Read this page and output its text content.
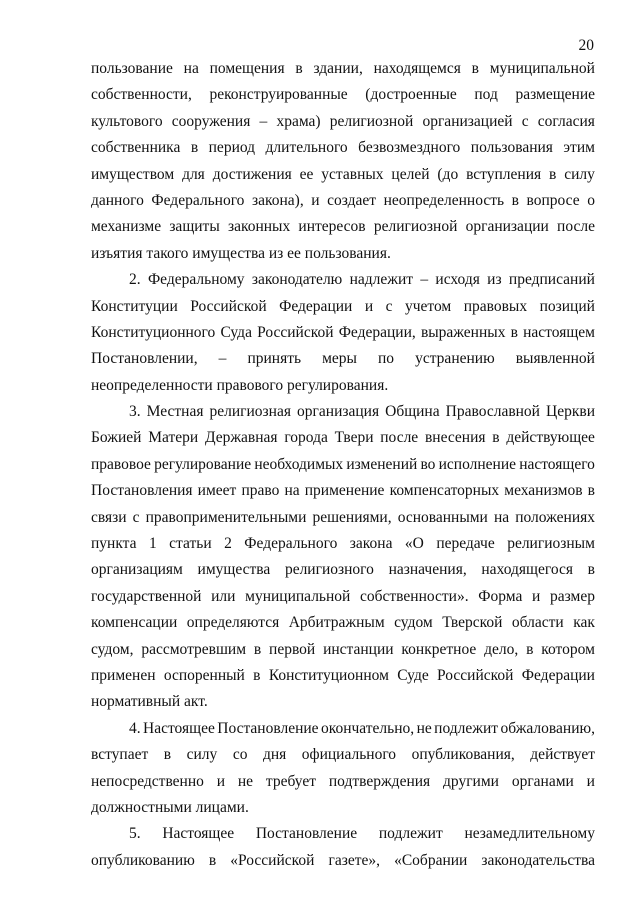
20
пользование на помещения в здании, находящемся в муниципальной
собственности, реконструированные (достроенные под размещение
культового сооружения – храма) религиозной организацией с согласия
собственника в период длительного безвозмездного пользования этим
имуществом для достижения ее уставных целей (до вступления в силу
данного Федерального закона), и создает неопределенность в вопросе о
механизме защиты законных интересов религиозной организации после
изъятия такого имущества из ее пользования.
2. Федеральному законодателю надлежит – исходя из предписаний
Конституции Российской Федерации и с учетом правовых позиций
Конституционного Суда Российской Федерации, выраженных в настоящем
Постановлении, – принять меры по устранению выявленной
неопределенности правового регулирования.
3. Местная религиозная организация Община Православной Церкви
Божией Матери Державная города Твери после внесения в действующее
правовое регулирование необходимых изменений во исполнение настоящего
Постановления имеет право на применение компенсаторных механизмов в
связи с правоприменительными решениями, основанными на положениях
пункта 1 статьи 2 Федерального закона «О передаче религиозным
организациям имущества религиозного назначения, находящегося в
государственной или муниципальной собственности». Форма и размер
компенсации определяются Арбитражным судом Тверской области как
судом, рассмотревшим в первой инстанции конкретное дело, в котором
применен оспоренный в Конституционном Суде Российской Федерации
нормативный акт.
4. Настоящее Постановление окончательно, не подлежит обжалованию,
вступает в силу со дня официального опубликования, действует
непосредственно и не требует подтверждения другими органами и
должностными лицами.
5. Настоящее Постановление подлежит незамедлительному
опубликованию в «Российской газете», «Собрании законодательства
